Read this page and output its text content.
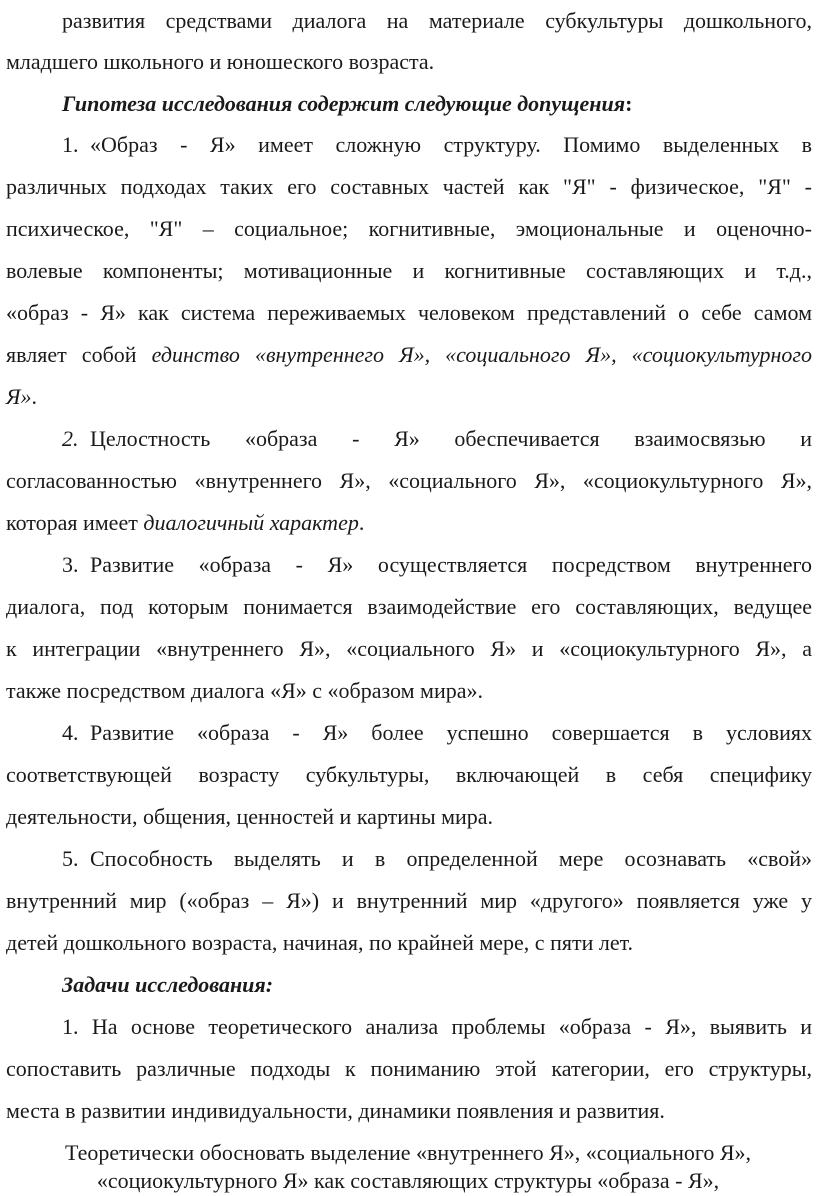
развития средствами диалога на материале субкультуры дошкольного,
младшего школьного и юношеского возраста.
Гипотеза исследования содержит следующие допущения:
1. «Образ - Я» имеет сложную структуру. Помимо выделенных в
различных подходах таких его составных частей как "Я" - физическое, "Я" -
психическое, "Я" – социальное; когнитивные, эмоциональные и оценочно-
волевые компоненты; мотивационные и когнитивные составляющих и т.д.,
«образ - Я» как система переживаемых человеком представлений о себе самом
являет собой единство «внутреннего Я», «социального Я», «социокультурного
Я».
2. Целостность «образа - Я» обеспечивается взаимосвязью и
согласованностью «внутреннего Я», «социального Я», «социокультурного Я»,
которая имеет диалогичный характер.
3. Развитие «образа - Я» осуществляется посредством внутреннего
диалога, под которым понимается взаимодействие его составляющих, ведущее
к интеграции «внутреннего Я», «социального Я» и «социокультурного Я», а
также посредством диалога «Я» с «образом мира».
4. Развитие «образа - Я» более успешно совершается в условиях
соответствующей возрасту субкультуры, включающей в себя специфику
деятельности, общения, ценностей и картины мира.
5. Способность выделять и в определенной мере осознавать «свой»
внутренний мир («образ – Я») и внутренний мир «другого» появляется уже у
детей дошкольного возраста, начиная, по крайней мере, с пяти лет.
Задачи исследования:
1. На основе теоретического анализа проблемы «образа - Я», выявить и
сопоставить различные подходы к пониманию этой категории, его структуры,
места в развитии индивидуальности, динамики появления и развития.
Теоретически обосновать выделение «внутреннего Я», «социального Я»,
«социокультурного Я» как составляющих структуры «образа - Я»,
